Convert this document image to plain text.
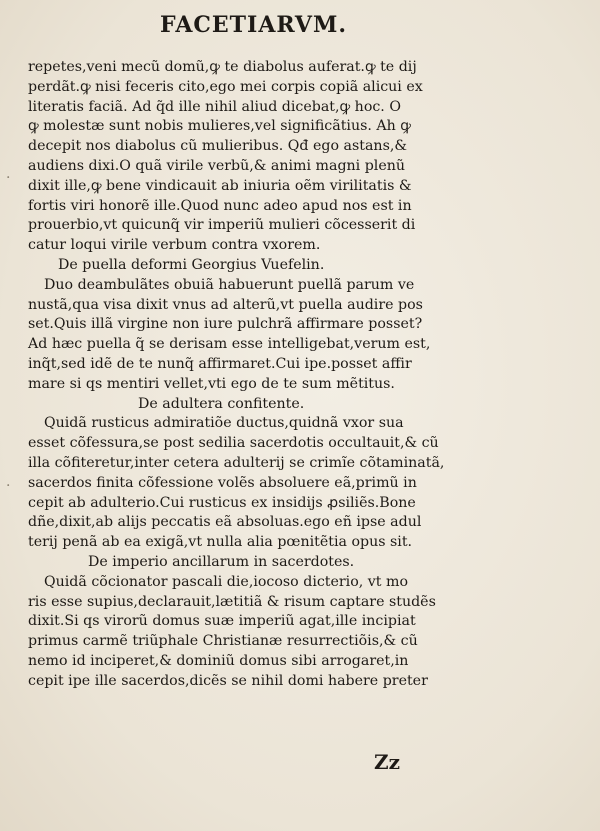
FACETIARVM.
·
·
repetes,veni mecũ domũ,ꝙ te diabolus auferat.ꝙ te dij
perdãt.ꝙ nisi feceris cito,ego mei corpis copiã alicui ex
literatis faciã. Ad q̃d ille nihil aliud dicebat,ꝙ hoc. O
ꝙ molestæ sunt nobis mulieres,vel significãtius. Ah ꝙ
decepit nos diabolus cũ mulieribus. Qđ ego astans,&
audiens dixi.O quã virile verbũ,& animi magni plenũ
dixit ille,ꝙ bene vindicauit ab iniuria oẽm virilitatis &
fortis viri honorẽ ille.Quod nunc adeo apud nos est in
prouerbio,vt quicunq̃ vir imperiũ mulieri cõcesserit di
catur loqui virile verbum contra vxorem.
De puella deformi Georgius Vuefelin.
Duo deambulãtes obuiã habuerunt puellã parum ve
nustã,qua visa dixit vnus ad alterũ,vt puella audire pos
set.Quis illã virgine non iure pulchrã affirmare posset?
Ad hæc puella q̃ se derisam esse intelligebat,verum est,
inq̃t,sed idẽ de te nunq̃ affirmaret.Cui ipe.posset affir
mare si qs mentiri vellet,vti ego de te sum mẽtitus.
De adultera confitente.
Quidã rusticus admiratiõe ductus,quidnã vxor sua
esset cõfessura,se post sedilia sacerdotis occultauit,& cũ
illa cõfiteretur,inter cetera adulterij se crimĩe cõtaminatã,
sacerdos finita cõfessione volẽs absoluere eã,primũ in
cepit ab adulterio.Cui rusticus ex insidijs ꝓsiliẽs.Bone
dñe,dixit,ab alijs peccatis eã absoluas.ego eñ ipse adul
terij penã ab ea exigã,vt nulla alia pœnitẽtia opus sit.
De imperio ancillarum in sacerdotes.
Quidã cõcionator pascali die,iocoso dicterio, vt mo
ris esse supius,declarauit,lætitiã & risum captare studẽs
dixit.Si qs virorũ domus suæ imperiũ agat,ille incipiat
primus carmẽ triũphale Christianæ resurrectiõis,& cũ
nemo id inciperet,& dominiũ domus sibi arrogaret,in
cepit ipe ille sacerdos,dicẽs se nihil domi habere preter
Zz
